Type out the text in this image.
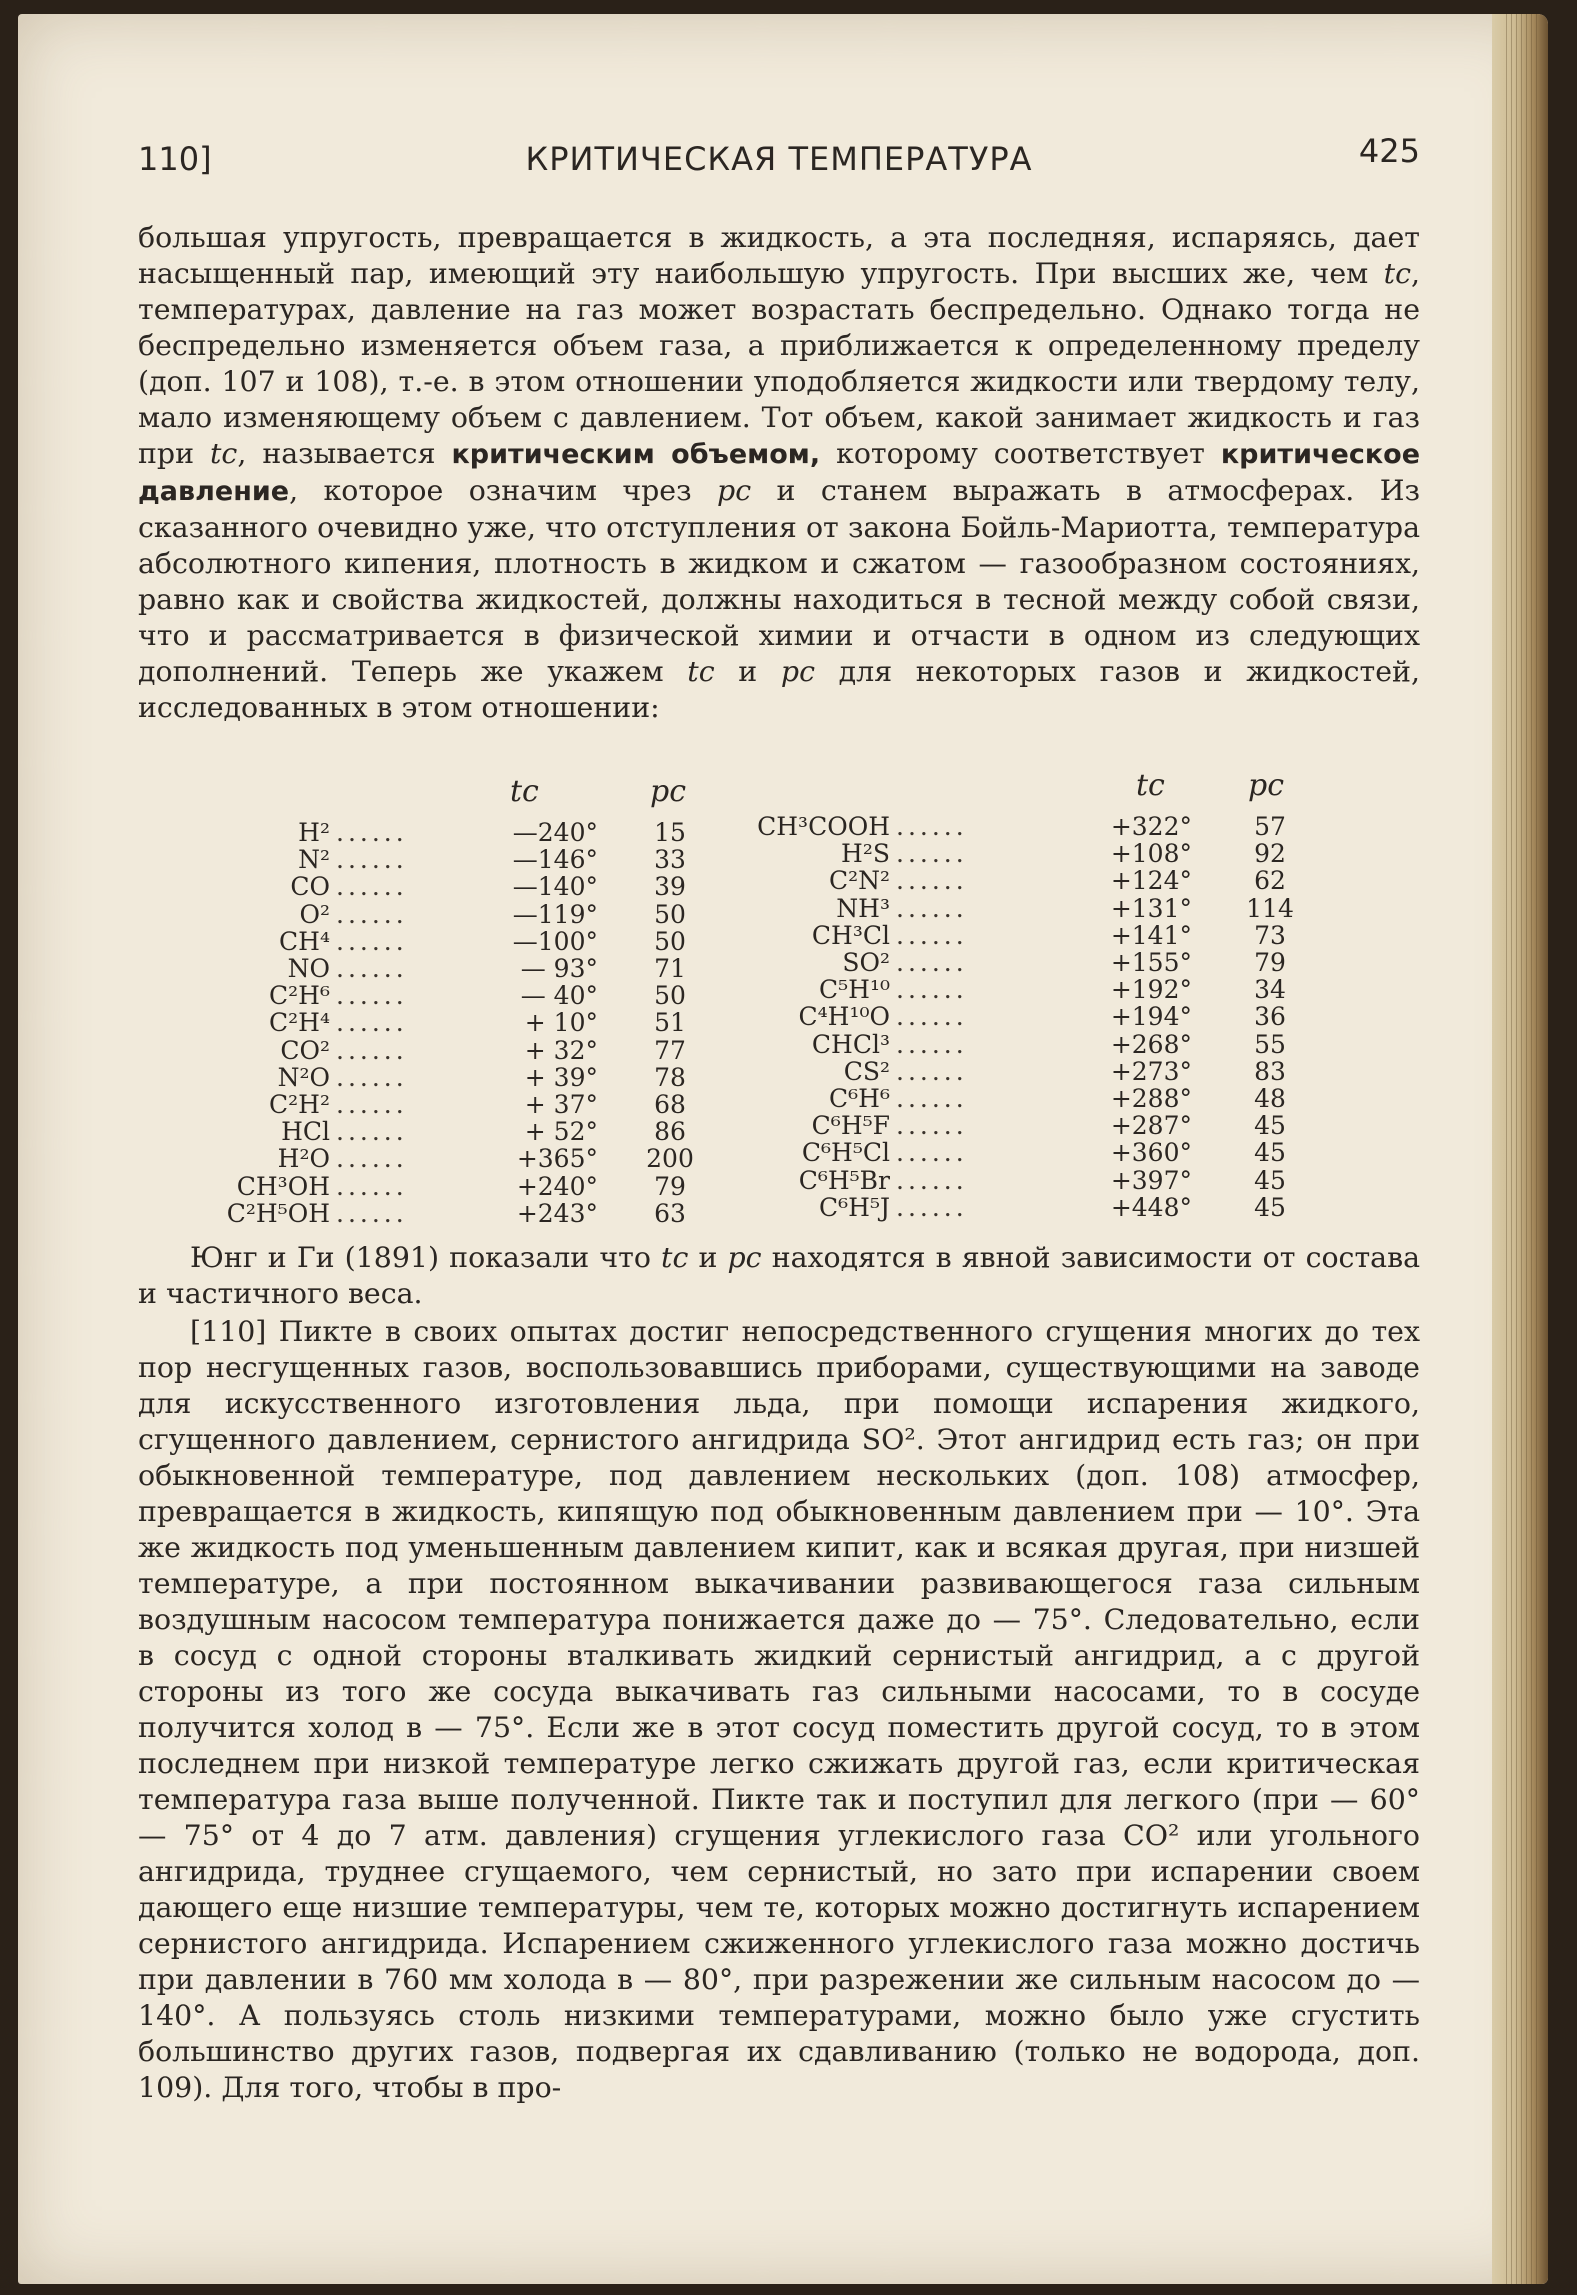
110]	КРИТИЧЕСКАЯ ТЕМПЕРАТУРА	425
большая упругость, превращается в жидкость, а эта последняя, испаряясь, дает насыщенный пар, имеющий эту наибольшую упругость. При высших же, чем tc, температурах, давление на газ может возрастать беспредельно. Однако тогда не беспредельно изменяется объем газа, а приближается к определенному пределу (доп. 107 и 108), т.-е. в этом отношении уподобляется жидкости или твердому телу, мало изменяющему объем с давлением. Тот объем, какой занимает жидкость и газ при tc, называется критическим объемом, которому соответствует критическое давление, которое означим чрез pc и станем выражать в атмосферах. Из сказанного очевидно уже, что отступления от закона Бойль-Мариотта, температура абсолютного кипения, плотность в жидком и сжатом — газообразном состояниях, равно как и свойства жидкостей, должны находиться в тесной между собой связи, что и рассматривается в физической химии и отчасти в одном из следующих дополнений. Теперь же укажем tc и pc для некоторых газов и жидкостей, исследованных в этом отношении:
tc	pc	tc	pc
H² ......	—240°	15
N² ......	—146°	33
CO ......	—140°	39
O² ......	—119°	50
CH⁴ ......	—100°	50
NO ......	— 93°	71
C²H⁶ ......	— 40°	50
C²H⁴ ......	+ 10°	51
CO² ......	+ 32°	77
N²O ......	+ 39°	78
C²H² ......	+ 37°	68
HCl ......	+ 52°	86
H²O ......	+365° 200
CH³OH ......	+240°	79
C²H⁵OH ......	+243°	63
CH³COOH ......	+322°	57
H²S ......	+108°	92
C²N² ......	+124°	62
NH³ ......	+131° 114
CH³Cl ......	+141°	73
SO² ......	+155°	79
C⁵H¹⁰ ......	+192°	34
C⁴H¹⁰O ......	+194°	36
CHCl³ ......	+268°	55
CS² ......	+273°	83
C⁶H⁶ ......	+288°	48
C⁶H⁵F ......	+287°	45
C⁶H⁵Cl ......	+360°	45
C⁶H⁵Br ......	+397°	45
C⁶H⁵J ......	+448°	45
Юнг и Ги (1891) показали что tc и pc находятся в явной зависимости от состава и частичного веса.
[110] Пикте в своих опытах достиг непосредственного сгущения многих до тех пор несгущенных газов, воспользовавшись приборами, существующими на заводе для искусственного изготовления льда, при помощи испарения жидкого, сгущенного давлением, сернистого ангидрида SO². Этот ангидрид есть газ; он при обыкновенной температуре, под давлением нескольких (доп. 108) атмосфер, превращается в жидкость, кипящую под обыкновенным давлением при — 10°. Эта же жидкость под уменьшенным давлением кипит, как и всякая другая, при низшей температуре, а при постоянном выкачивании развивающегося газа сильным воздушным насосом температура понижается даже до — 75°. Следовательно, если в сосуд с одной стороны вталкивать жидкий сернистый ангидрид, а с другой стороны из того же сосуда выкачивать газ сильными насосами, то в сосуде получится холод в — 75°. Если же в этот сосуд поместить другой сосуд, то в этом последнем при низкой температуре легко сжижать другой газ, если критическая температура газа выше полученной. Пикте так и поступил для легкого (при — 60° — 75° от 4 до 7 атм. давления) сгущения углекислого газа CO² или угольного ангидрида, труднее сгущаемого, чем сернистый, но зато при испарении своем дающего еще низшие температуры, чем те, которых можно достигнуть испарением сернистого ангидрида. Испарением сжиженного углекислого газа можно достичь при давлении в 760 мм холода в — 80°, при разрежении же сильным насосом до — 140°. А пользуясь столь низкими температурами, можно было уже сгустить большинство других газов, подвергая их сдавливанию (только не водорода, доп. 109). Для того, чтобы в про-
